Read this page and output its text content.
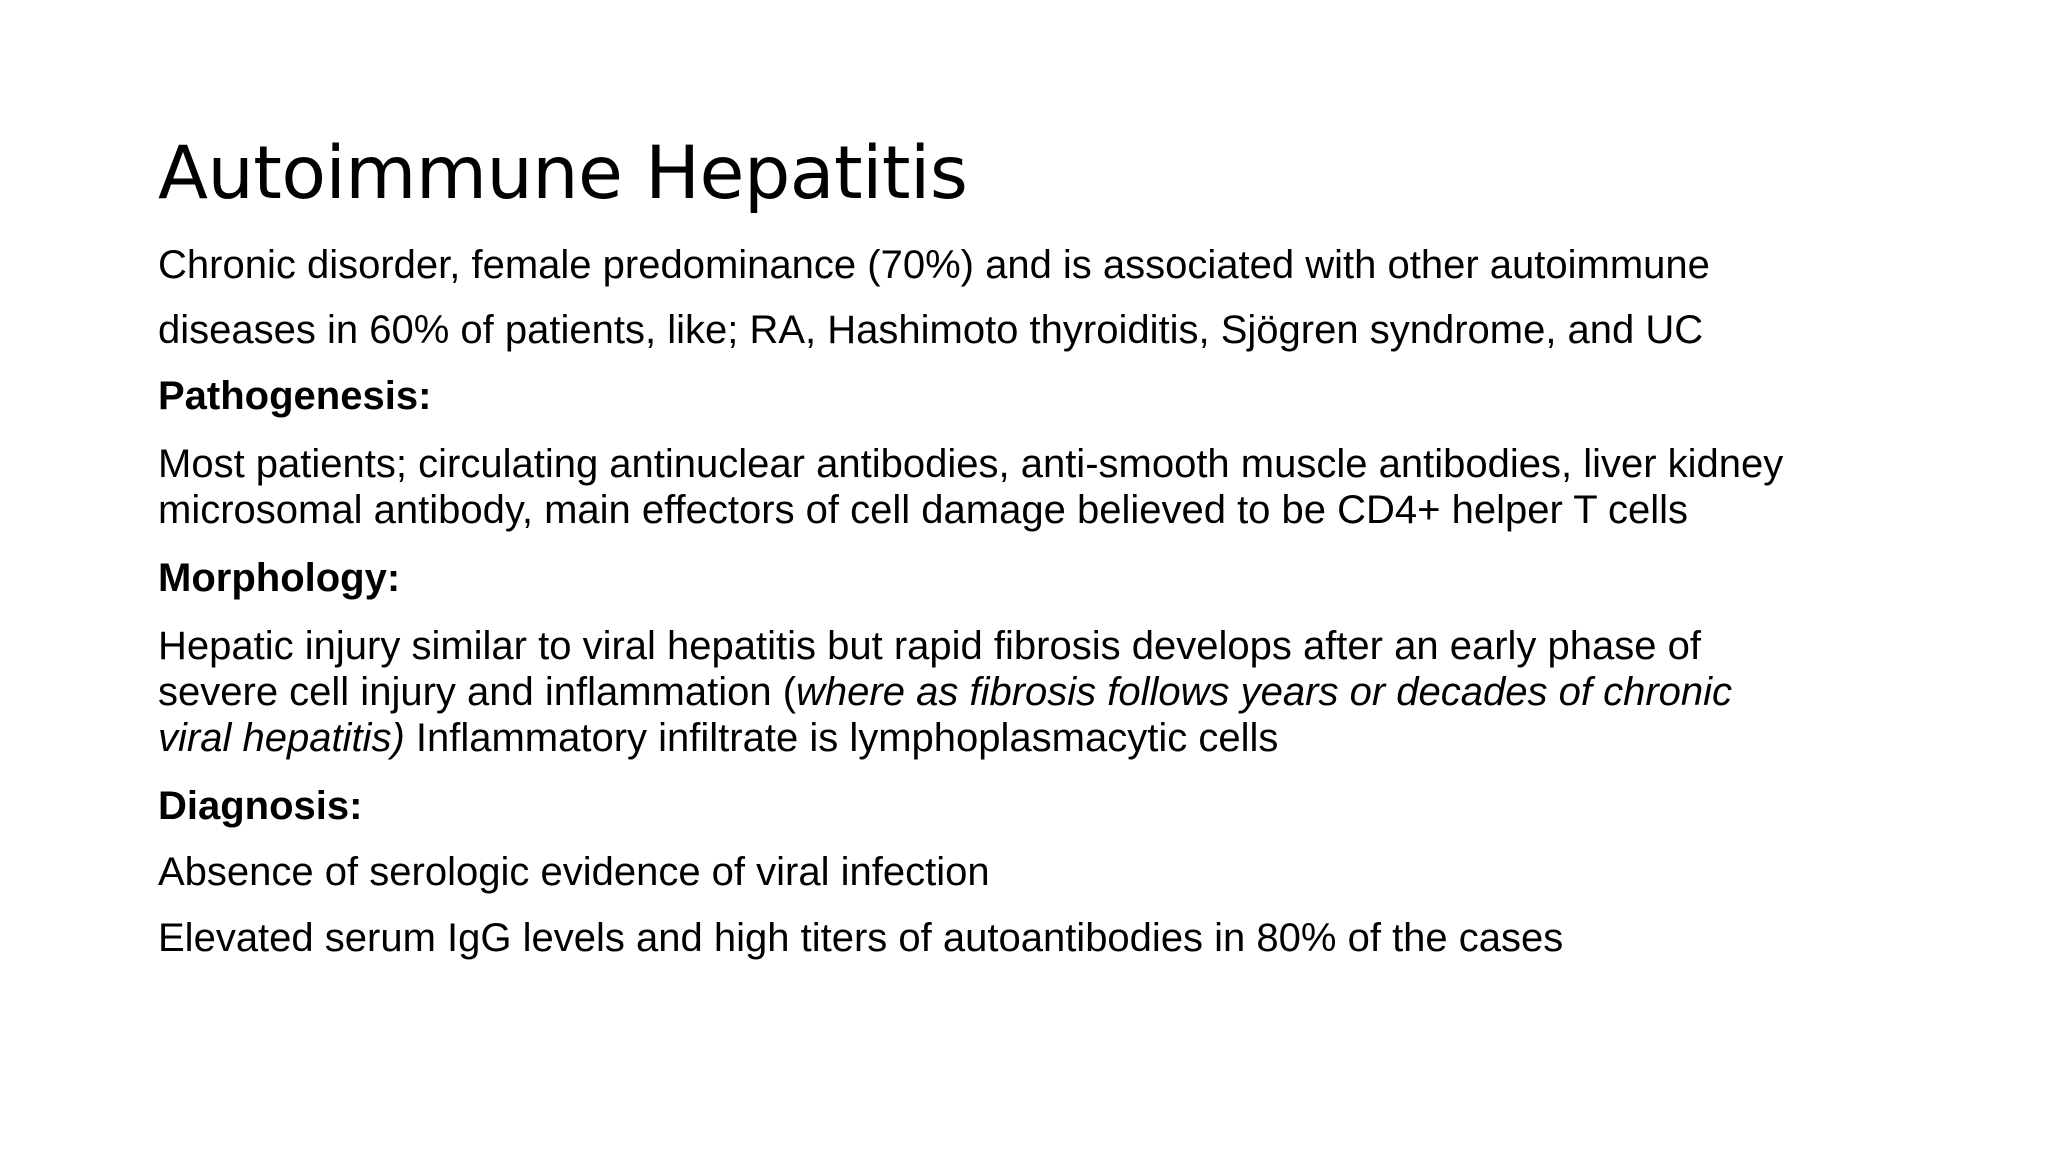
Autoimmune Hepatitis
Chronic disorder, female predominance (70%) and is associated with other autoimmune
diseases in 60% of patients, like; RA, Hashimoto thyroiditis, Sjögren syndrome, and UC
Pathogenesis:
Most patients; circulating antinuclear antibodies, anti-smooth muscle antibodies, liver kidney
microsomal antibody, main effectors of cell damage believed to be CD4+ helper T cells
Morphology:
Hepatic injury similar to viral hepatitis but rapid fibrosis develops after an early phase of
severe cell injury and inflammation (where as fibrosis follows years or decades of chronic
viral hepatitis) Inflammatory infiltrate is lymphoplasmacytic cells
Diagnosis:
Absence of serologic evidence of viral infection
Elevated serum IgG levels and high titers of autoantibodies in 80% of the cases
